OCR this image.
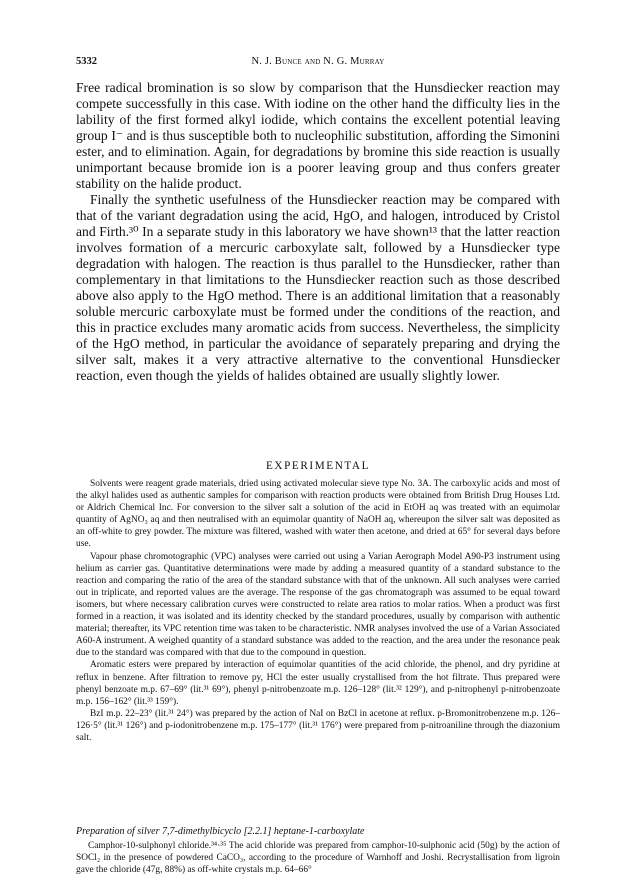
5332	N. J. Bunce and N. G. Murray

Free radical bromination is so slow by comparison that the Hunsdiecker reaction may compete successfully in this case. With iodine on the other hand the difficulty lies in the lability of the first formed alkyl iodide, which contains the excellent potential leaving group I⁻ and is thus susceptible both to nucleophilic substitution, affording the Simonini ester, and to elimination. Again, for degradations by bromine this side reaction is usually unimportant because bromide ion is a poorer leaving group and thus confers greater stability on the halide product.

Finally the synthetic usefulness of the Hunsdiecker reaction may be compared with that of the variant degradation using the acid, HgO, and halogen, introduced by Cristol and Firth.³⁰ In a separate study in this laboratory we have shown¹³ that the latter reaction involves formation of a mercuric carboxylate salt, followed by a Hunsdiecker type degradation with halogen. The reaction is thus parallel to the Hunsdiecker, rather than complementary in that limitations to the Hunsdiecker reaction such as those described above also apply to the HgO method. There is an additional limitation that a reasonably soluble mercuric carboxylate must be formed under the conditions of the reaction, and this in practice excludes many aromatic acids from success. Nevertheless, the simplicity of the HgO method, in particular the avoidance of separately preparing and drying the silver salt, makes it a very attractive alternative to the conventional Hunsdiecker reaction, even though the yields of halides obtained are usually slightly lower.

EXPERIMENTAL

Solvents were reagent grade materials, dried using activated molecular sieve type No. 3A. The carboxylic acids and most of the alkyl halides used as authentic samples for comparison with reaction products were obtained from British Drug Houses Ltd. or Aldrich Chemical Inc. For conversion to the silver salt a solution of the acid in EtOH aq was treated with an equimolar quantity of AgNO₃ aq and then neutralised with an equimolar quantity of NaOH aq, whereupon the silver salt was deposited as an off-white to grey powder. The mixture was filtered, washed with water then acetone, and dried at 65° for several days before use.

Vapour phase chromotographic (VPC) analyses were carried out using a Varian Aerograph Model A90-P3 instrument using helium as carrier gas. Quantitative determinations were made by adding a measured quantity of a standard substance to the reaction and comparing the ratio of the area of the standard substance with that of the unknown. All such analyses were carried out in triplicate, and reported values are the average. The response of the gas chromatograph was assumed to be equal toward isomers, but where necessary calibration curves were constructed to relate area ratios to molar ratios. When a product was first formed in a reaction, it was isolated and its identity checked by the standard procedures, usually by comparison with authentic material; thereafter, its VPC retention time was taken to be characteristic. NMR analyses involved the use of a Varian Associated A60-A instrument. A weighed quantity of a standard substance was added to the reaction, and the area under the resonance peak due to the standard was compared with that due to the compound in question.

Aromatic esters were prepared by interaction of equimolar quantities of the acid chloride, the phenol, and dry pyridine at reflux in benzene. After filtration to remove py, HCl the ester usually crystallised from the hot filtrate. Thus prepared were phenyl benzoate m.p. 67–69° (lit.³¹ 69°), phenyl p-nitrobenzoate m.p. 126–128° (lit.³² 129°), and p-nitrophenyl p-nitrobenzoate m.p. 156–162° (lit.³³ 159°).

BzI m.p. 22–23° (lit.³¹ 24°) was prepared by the action of NaI on BzCl in acetone at reflux. p-Bromonitrobenzene m.p. 126–126·5° (lit.³¹ 126°) and p-iodonitrobenzene m.p. 175–177° (lit.³¹ 176°) were prepared from p-nitroaniline through the diazonium salt.

Preparation of silver 7,7-dimethylbicyclo [2.2.1] heptane-1-carboxylate

Camphor-10-sulphonyl chloride.³⁴·³⁵ The acid chloride was prepared from camphor-10-sulphonic acid (50g) by the action of SOCl₂ in the presence of powdered CaCO₃, according to the procedure of Warnhoff and Joshi. Recrystallisation from ligroin gave the chloride (47g, 88%) as off-white crystals m.p. 64–66°
